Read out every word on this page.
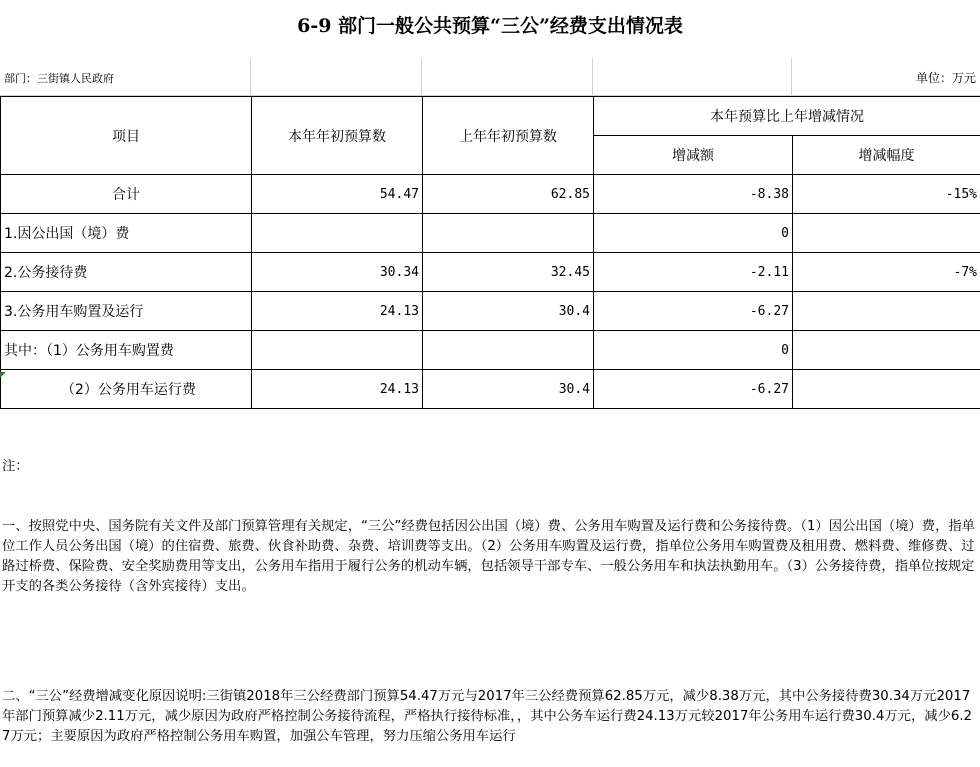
6-9 部门一般公共预算“三公”经费支出情况表
部门：三街镇人民政府	单位：万元
项目	本年年初预算数	上年年初预算数	本年预算比上年增减情况	
			增减额	增减幅度
合计	54.47	62.85	-8.38	-15%
1.因公出国（境）费			0	
2.公务接待费	30.34	32.45	-2.11	-7%
3.公务用车购置及运行	24.13	30.4	-6.27	
其中：（1）公务用车购置费			0	
（2）公务用车运行费	24.13	30.4	-6.27	

注：

一、按照党中央、国务院有关文件及部门预算管理有关规定，“三公”经费包括因公出国（境）费、公务用车购置及运行费和公务接待费。（1）因公出国（境）费，指单位工作人员公务出国（境）的住宿费、旅费、伙食补助费、杂费、培训费等支出。（2）公务用车购置及运行费，指单位公务用车购置费及租用费、燃料费、维修费、过路过桥费、保险费、安全奖励费用等支出，公务用车指用于履行公务的机动车辆，包括领导干部专车、一般公务用车和执法执勤用车。（3）公务接待费，指单位按规定开支的各类公务接待（含外宾接待）支出。

二、“三公”经费增减变化原因说明:三街镇2018年三公经费部门预算54.47万元与2017年三公经费预算62.85万元，减少8.38万元，其中公务接待费30.34万元2017年部门预算减少2.11万元，减少原因为政府严格控制公务接待流程，严格执行接待标准，，其中公务车运行费24.13万元较2017年公务用车运行费30.4万元，减少6.27万元；主要原因为政府严格控制公务用车购置，加强公车管理，努力压缩公务用车运行
